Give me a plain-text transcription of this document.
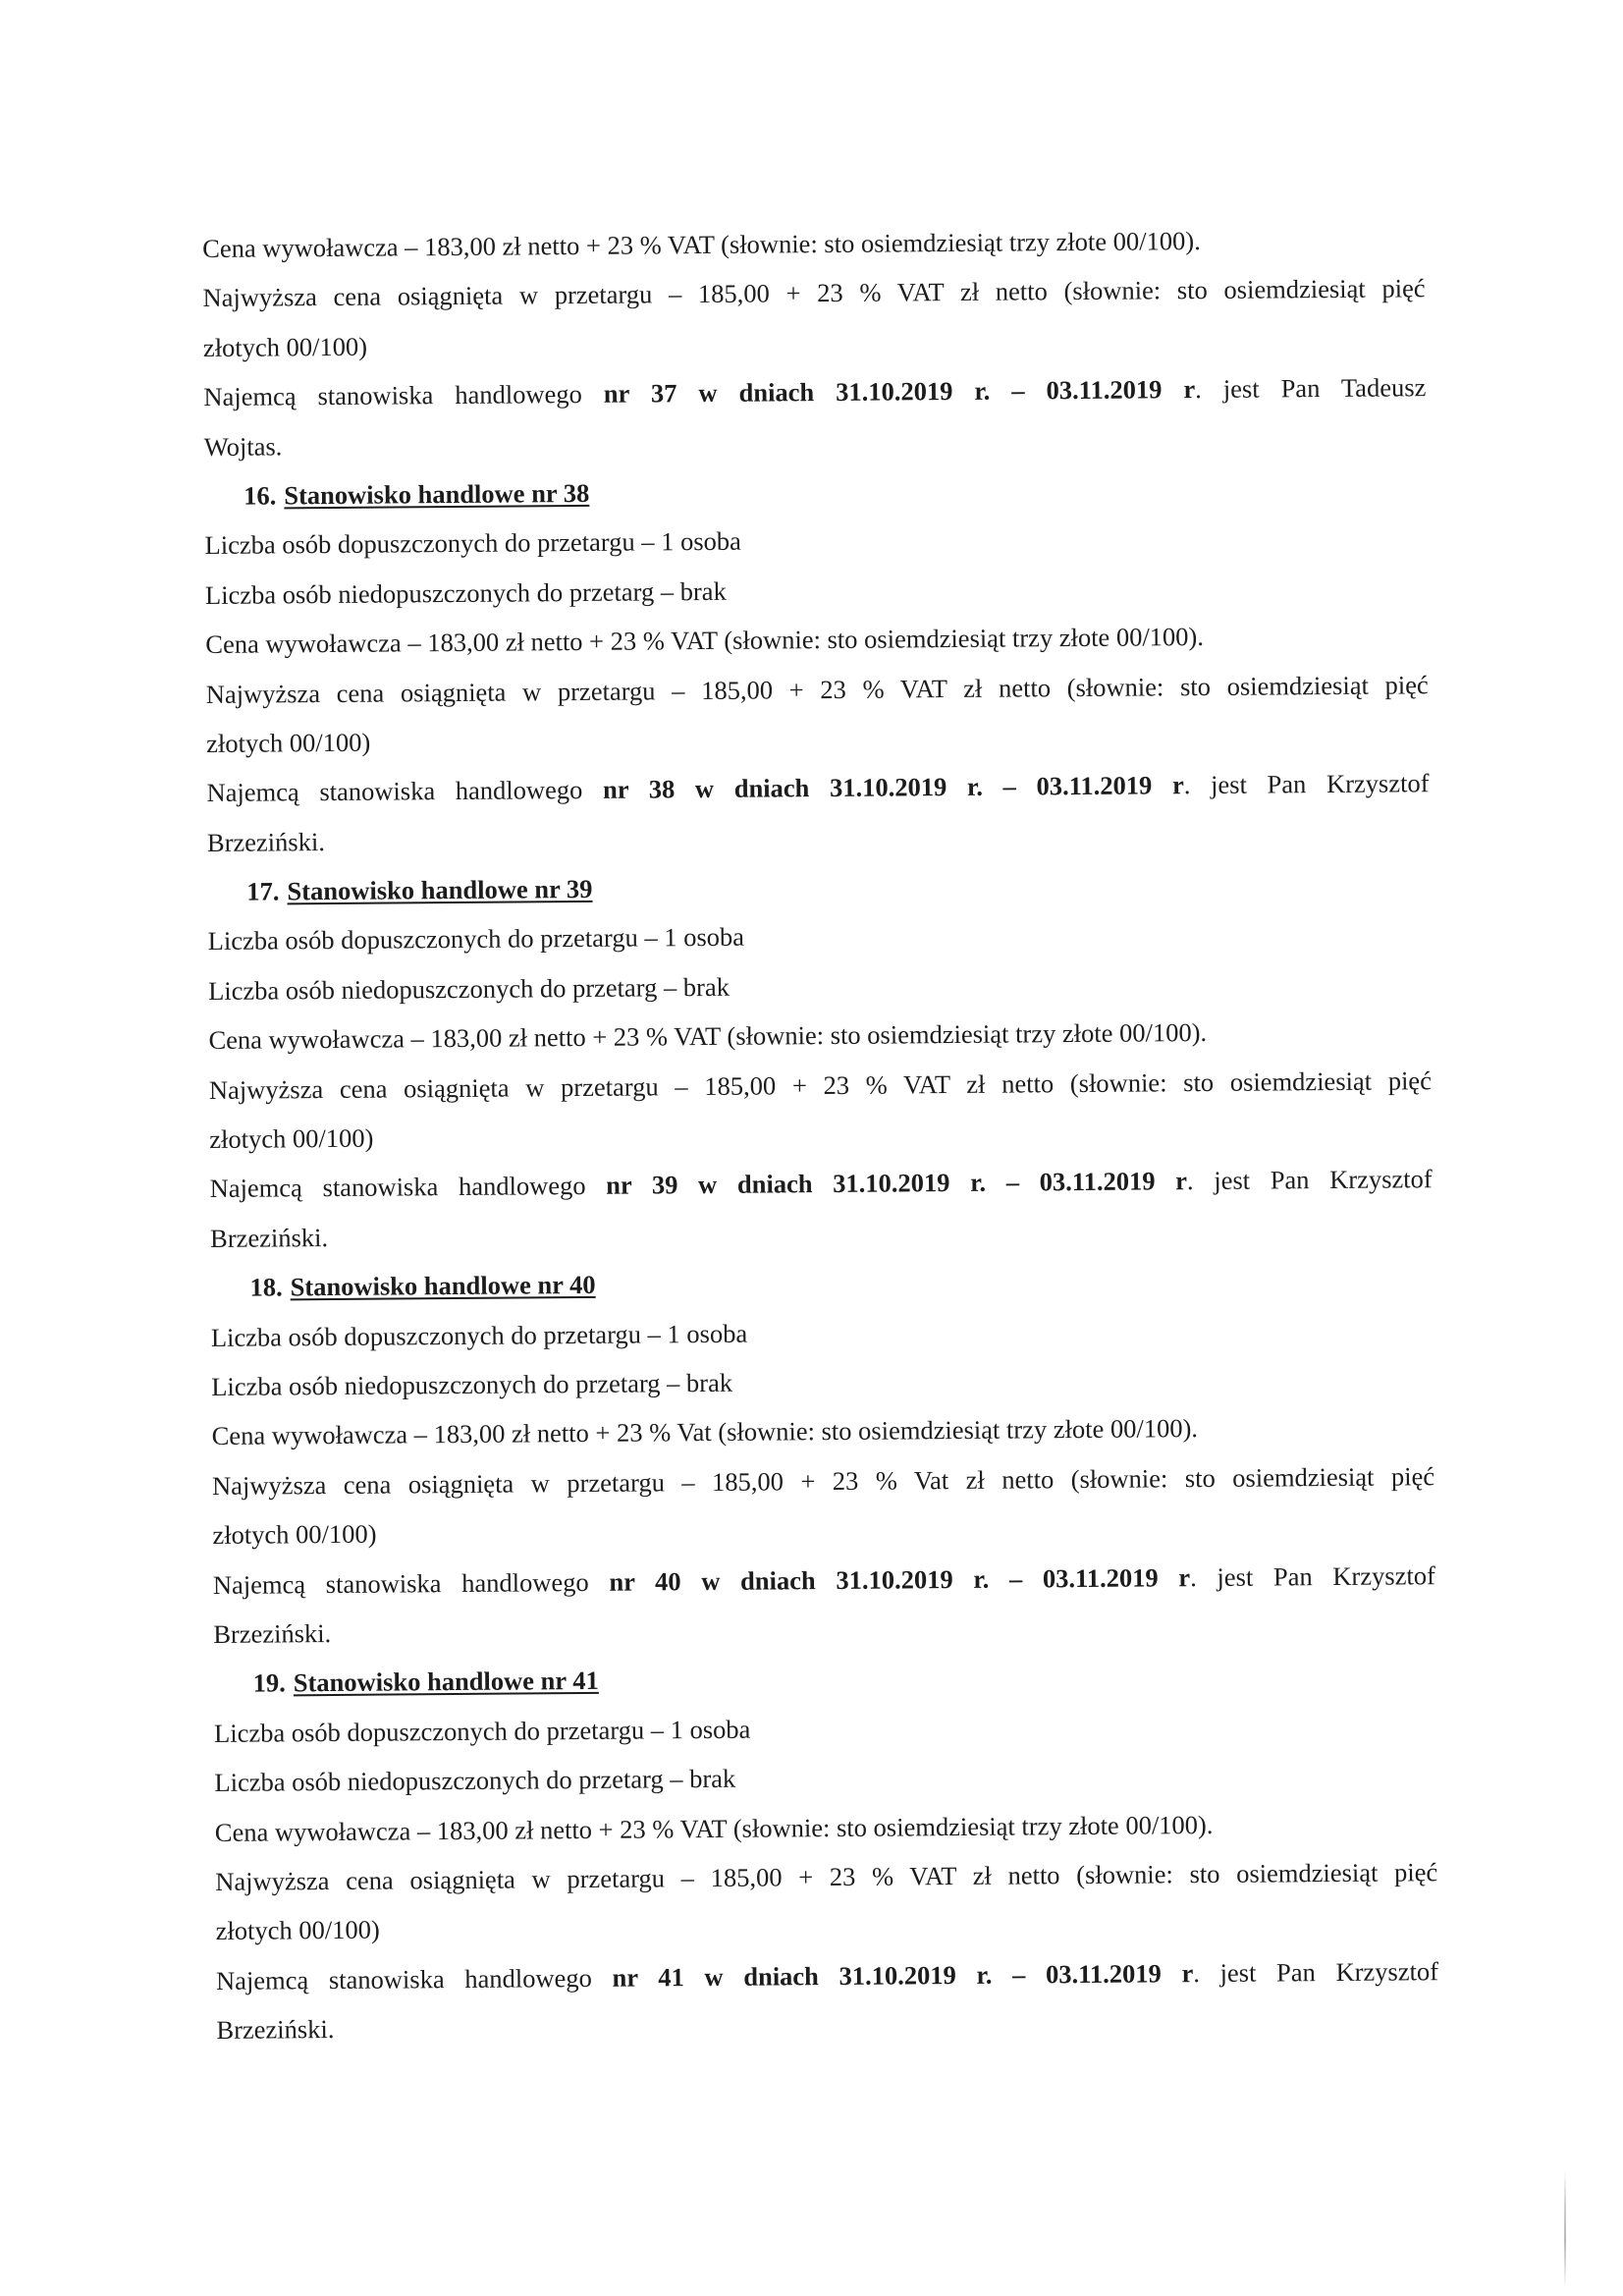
Cena wywoławcza – 183,00 zł netto + 23 % VAT (słownie: sto osiemdziesiąt trzy złote 00/100).
Najwyższa cena osiągnięta w przetargu – 185,00 + 23 % VAT zł netto (słownie: sto osiemdziesiąt pięć
złotych 00/100)
Najemcą stanowiska handlowego nr 37 w dniach 31.10.2019 r. – 03.11.2019 r. jest Pan Tadeusz
Wojtas.
16. Stanowisko handlowe nr 38
Liczba osób dopuszczonych do przetargu – 1 osoba
Liczba osób niedopuszczonych do przetarg – brak
Cena wywoławcza – 183,00 zł netto + 23 % VAT (słownie: sto osiemdziesiąt trzy złote 00/100).
Najwyższa cena osiągnięta w przetargu – 185,00 + 23 % VAT zł netto (słownie: sto osiemdziesiąt pięć
złotych 00/100)
Najemcą stanowiska handlowego nr 38 w dniach 31.10.2019 r. – 03.11.2019 r. jest Pan Krzysztof
Brzeziński.
17. Stanowisko handlowe nr 39
Liczba osób dopuszczonych do przetargu – 1 osoba
Liczba osób niedopuszczonych do przetarg – brak
Cena wywoławcza – 183,00 zł netto + 23 % VAT (słownie: sto osiemdziesiąt trzy złote 00/100).
Najwyższa cena osiągnięta w przetargu – 185,00 + 23 % VAT zł netto (słownie: sto osiemdziesiąt pięć
złotych 00/100)
Najemcą stanowiska handlowego nr 39 w dniach 31.10.2019 r. – 03.11.2019 r. jest Pan Krzysztof
Brzeziński.
18. Stanowisko handlowe nr 40
Liczba osób dopuszczonych do przetargu – 1 osoba
Liczba osób niedopuszczonych do przetarg – brak
Cena wywoławcza – 183,00 zł netto + 23 % Vat (słownie: sto osiemdziesiąt trzy złote 00/100).
Najwyższa cena osiągnięta w przetargu – 185,00 + 23 % Vat zł netto (słownie: sto osiemdziesiąt pięć
złotych 00/100)
Najemcą stanowiska handlowego nr 40 w dniach 31.10.2019 r. – 03.11.2019 r. jest Pan Krzysztof
Brzeziński.
19. Stanowisko handlowe nr 41
Liczba osób dopuszczonych do przetargu – 1 osoba
Liczba osób niedopuszczonych do przetarg – brak
Cena wywoławcza – 183,00 zł netto + 23 % VAT (słownie: sto osiemdziesiąt trzy złote 00/100).
Najwyższa cena osiągnięta w przetargu – 185,00 + 23 % VAT zł netto (słownie: sto osiemdziesiąt pięć
złotych 00/100)
Najemcą stanowiska handlowego nr 41 w dniach 31.10.2019 r. – 03.11.2019 r. jest Pan Krzysztof
Brzeziński.
